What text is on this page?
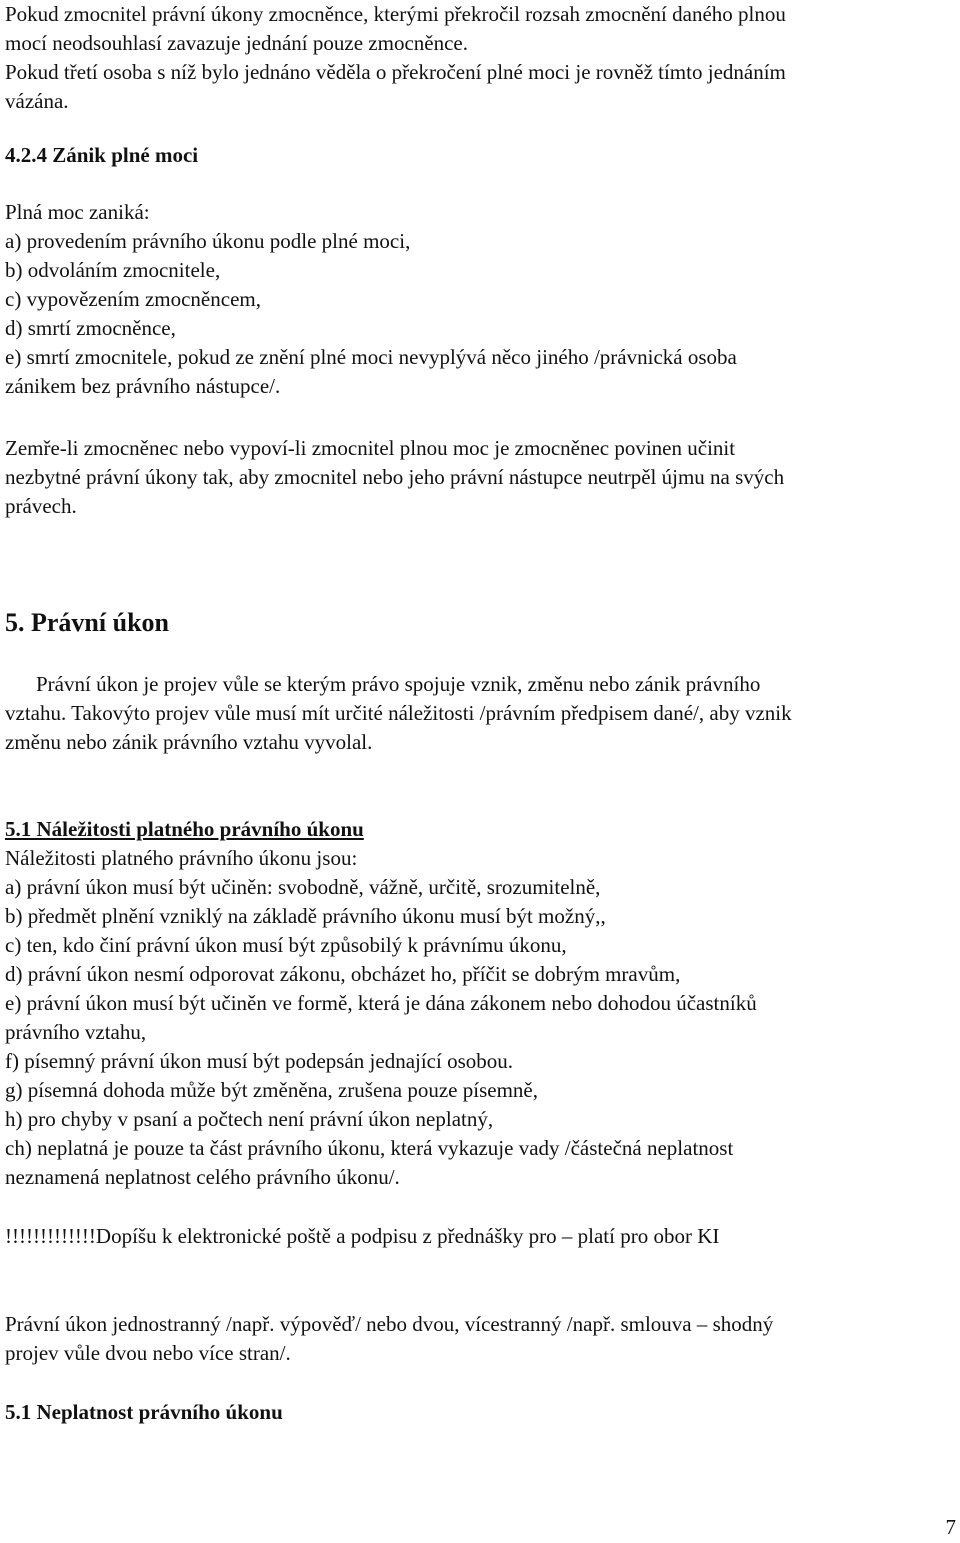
Pokud zmocnitel právní úkony zmocněnce, kterými překročil rozsah zmocnění daného plnou
mocí neodsouhlasí zavazuje jednání pouze zmocněnce.
Pokud třetí osoba s níž bylo jednáno věděla o překročení plné moci je rovněž tímto jednáním
vázána.
4.2.4 Zánik plné moci
Plná moc zaniká:
a) provedením právního úkonu podle plné moci,
b) odvoláním zmocnitele,
c) vypovězením zmocněncem,
d) smrtí zmocněnce,
e) smrtí zmocnitele, pokud ze znění plné moci nevyplývá něco jiného /právnická osoba
zánikem bez právního nástupce/.
Zemře-li zmocněnec nebo vypoví-li zmocnitel plnou moc je zmocněnec povinen učinit
nezbytné právní úkony tak, aby zmocnitel nebo jeho právní nástupce neutrpěl újmu na svých
právech.
5. Právní úkon
Právní úkon je projev vůle se kterým právo spojuje vznik, změnu nebo zánik právního
vztahu. Takovýto projev vůle musí mít určité náležitosti /právním předpisem dané/, aby vznik
změnu nebo zánik právního vztahu vyvolal.
5.1 Náležitosti platného právního úkonu
Náležitosti platného právního úkonu jsou:
a) právní úkon musí být učiněn: svobodně, vážně, určitě, srozumitelně,
b) předmět plnění vzniklý na základě právního úkonu musí být možný,,
c) ten, kdo činí právní úkon musí být způsobilý k právnímu úkonu,
d) právní úkon nesmí odporovat zákonu, obcházet ho, příčit se dobrým mravům,
e) právní úkon musí být učiněn ve formě, která je dána zákonem nebo dohodou účastníků
právního vztahu,
f) písemný právní úkon musí být podepsán jednající osobou.
g) písemná dohoda může být změněna, zrušena pouze písemně,
h) pro chyby v psaní a počtech není právní úkon neplatný,
ch) neplatná je pouze ta část právního úkonu, která vykazuje vady /částečná neplatnost
neznamená neplatnost celého právního úkonu/.
!!!!!!!!!!!!!Dopíšu k elektronické poště a podpisu z přednášky pro – platí pro obor KI
Právní úkon jednostranný /např. výpověď/ nebo dvou, vícestranný /např. smlouva – shodný
projev vůle dvou nebo více stran/.
5.1 Neplatnost právního úkonu
7
